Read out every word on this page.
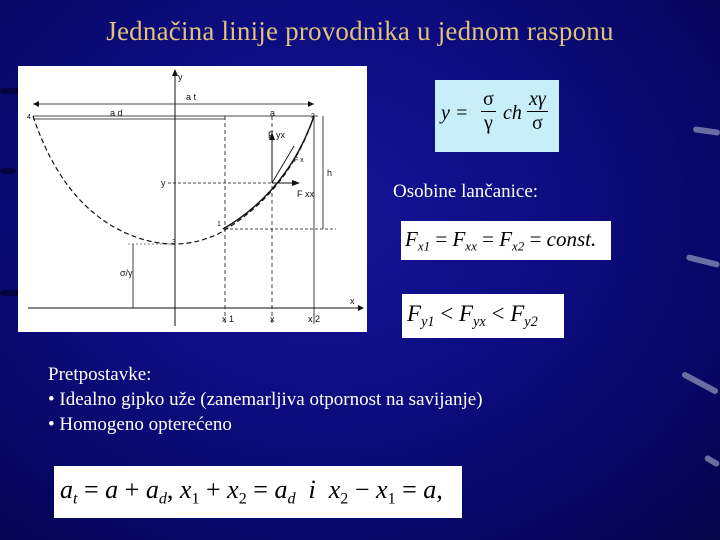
Jednačina linije provodnika u jednom rasponu
y
x
a t
a d	a
h
1
2
3
4
F yx
F xx
F x
y
σ/γ
x 1	x	x 2
$y = \frac{\sigma}{\gamma}$ ch $\frac{x\gamma}{\sigma}$
Osobine lančanice:
$F_{x1} = F_{xx} = F_{x2}$ = const.
$F_{y1} < F_{yx} < F_{y2}$
Pretpostavke:
• Idealno gipko uže (zanemarljiva otpornost na savijanje)
• Homogeno opterećeno
$a_t = a + a_d$, $x_1 + x_2 = a_d$  i  $x_2 - x_1 = a$,
